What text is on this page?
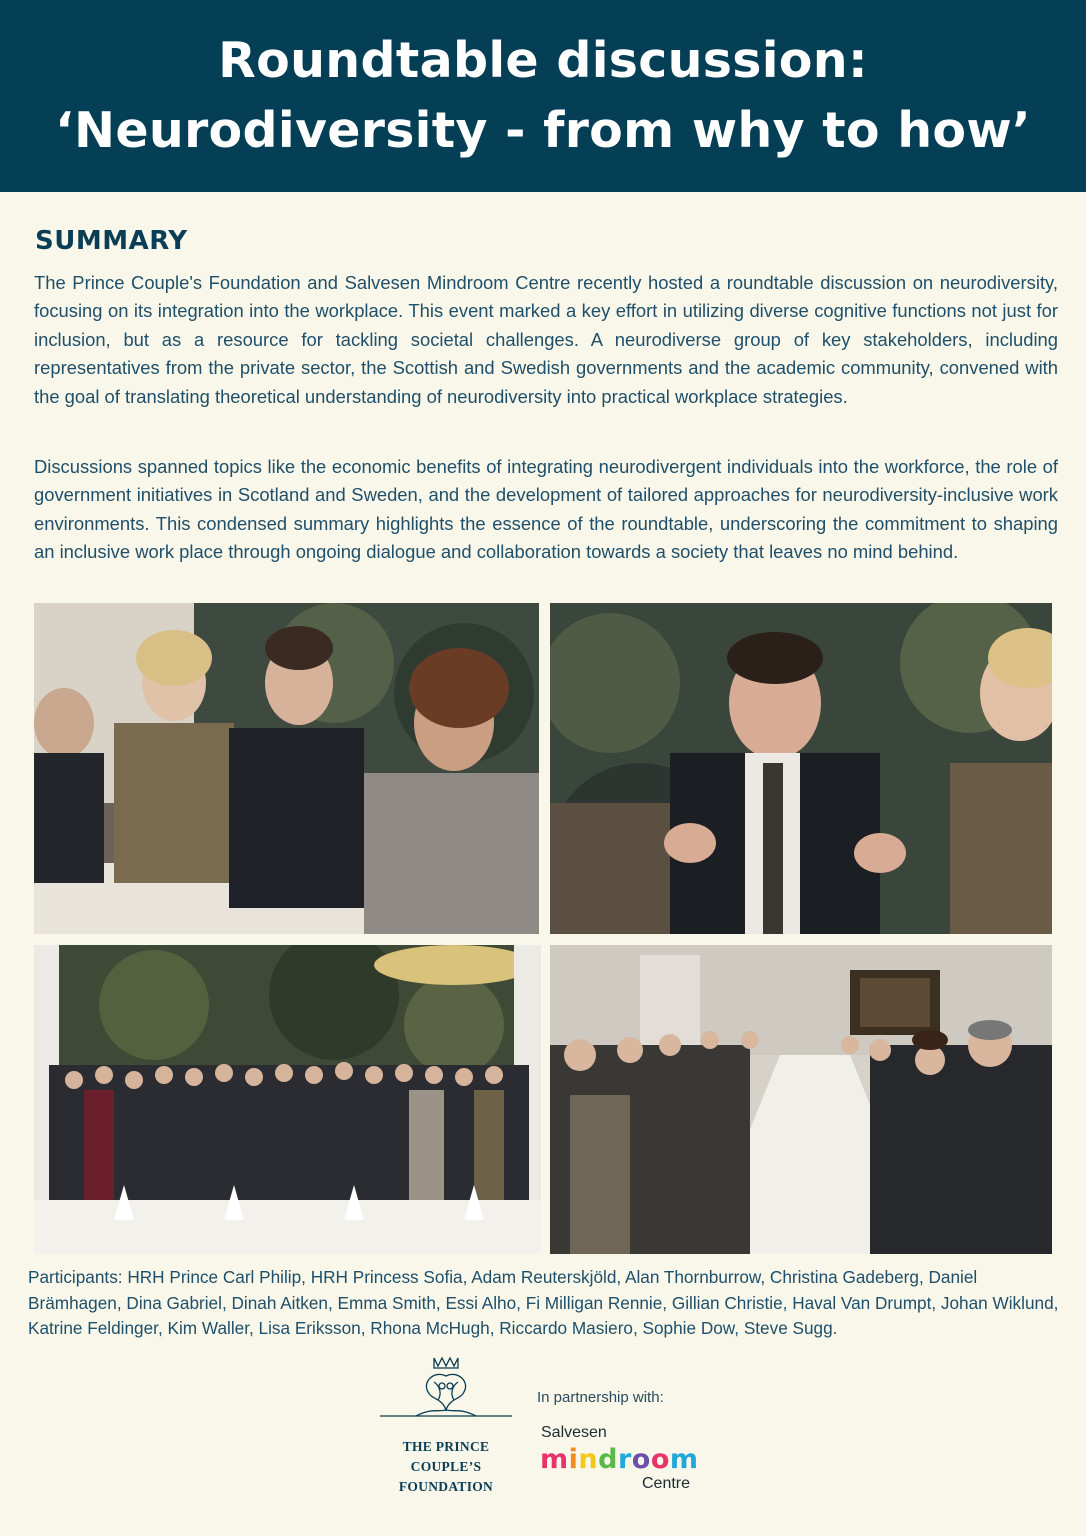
Roundtable discussion:
‘Neurodiversity - from why to how’
SUMMARY

The Prince Couple's Foundation and Salvesen Mindroom Centre recently hosted a roundtable discussion on neurodiversity, focusing on its integration into the workplace. This event marked a key effort in utilizing diverse cognitive functions not just for inclusion, but as a resource for tackling societal challenges. A neurodiverse group of key stakeholders, including representatives from the private sector, the Scottish and Swedish governments and the academic community, convened with the goal of translating theoretical understanding of neurodiversity into practical workplace strategies.

Discussions spanned topics like the economic benefits of integrating neurodivergent individuals into the workforce, the role of government initiatives in Scotland and Sweden, and the development of tailored approaches for neurodiversity-inclusive work environments. This condensed summary highlights the essence of the roundtable, underscoring the commitment to shaping an inclusive work place through ongoing dialogue and collaboration towards a society that leaves no mind behind.

Participants: HRH Prince Carl Philip, HRH Princess Sofia, Adam Reuterskjöld, Alan Thornburrow, Christina Gadeberg, Daniel Brämhagen, Dina Gabriel, Dinah Aitken, Emma Smith, Essi Alho, Fi Milligan Rennie, Gillian Christie, Haval Van Drumpt, Johan Wiklund, Katrine Feldinger, Kim Waller, Lisa Eriksson, Rhona McHugh, Riccardo Masiero, Sophie Dow, Steve Sugg.

THE PRINCE
COUPLE’S
FOUNDATION
In partnership with:
Salvesen
mindroom
Centre
